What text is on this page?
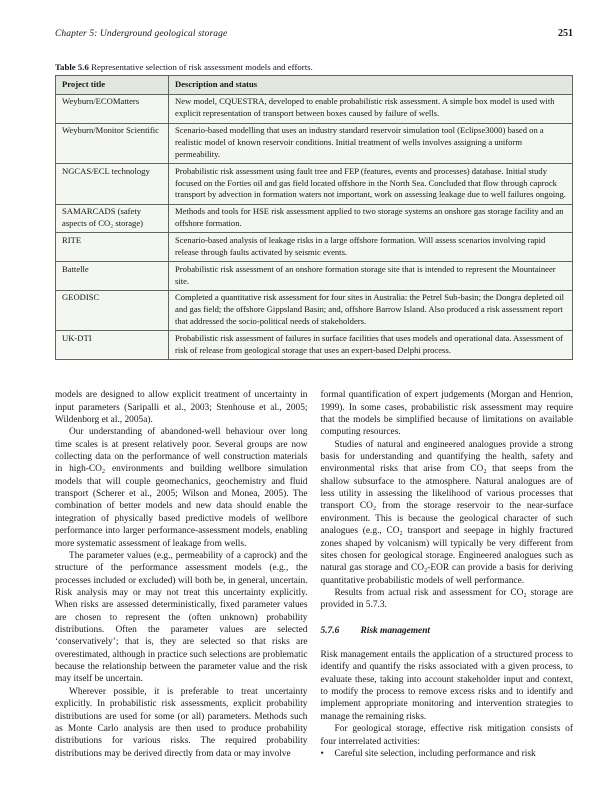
Chapter 5: Underground geological storage	251
Table 5.6 Representative selection of risk assessment models and efforts.
Project title	Description and status
Weyburn/ECOMatters	New model, CQUESTRA, developed to enable probabilistic risk assessment. A simple box model is used with explicit representation of transport between boxes caused by failure of wells.
Weyburn/Monitor Scientific	Scenario-based modelling that uses an industry standard reservoir simulation tool (Eclipse3000) based on a realistic model of known reservoir conditions. Initial treatment of wells involves assigning a uniform permeability.
NGCAS/ECL technology	Probabilistic risk assessment using fault tree and FEP (features, events and processes) database. Initial study focused on the Forties oil and gas field located offshore in the North Sea. Concluded that flow through caprock transport by advection in formation waters not important, work on assessing leakage due to well failures ongoing.
SAMARCADS (safety aspects of CO₂ storage)	Methods and tools for HSE risk assessment applied to two storage systems an onshore gas storage facility and an offshore formation.
RITE	Scenario-based analysis of leakage risks in a large offshore formation. Will assess scenarios involving rapid release through faults activated by seismic events.
Battelle	Probabilistic risk assessment of an onshore formation storage site that is intended to represent the Mountaineer site.
GEODISC	Completed a quantitative risk assessment for four sites in Australia: the Petrel Sub-basin; the Dongra depleted oil and gas field; the offshore Gippsland Basin; and, offshore Barrow Island. Also produced a risk assessment report that addressed the socio-political needs of stakeholders.
UK-DTI	Probabilistic risk assessment of failures in surface facilities that uses models and operational data. Assessment of risk of release from geological storage that uses an expert-based Delphi process.

models are designed to allow explicit treatment of uncertainty in input parameters (Saripalli et al., 2003; Stenhouse et al., 2005; Wildenborg et al., 2005a).

Our understanding of abandoned-well behaviour over long time scales is at present relatively poor. Several groups are now collecting data on the performance of well construction materials in high-CO₂ environments and building wellbore simulation models that will couple geomechanics, geochemistry and fluid transport (Scherer et al., 2005; Wilson and Monea, 2005). The combination of better models and new data should enable the integration of physically based predictive models of wellbore performance into larger performance-assessment models, enabling more systematic assessment of leakage from wells.

The parameter values (e.g., permeability of a caprock) and the structure of the performance assessment models (e.g., the processes included or excluded) will both be, in general, uncertain. Risk analysis may or may not treat this uncertainty explicitly. When risks are assessed deterministically, fixed parameter values are chosen to represent the (often unknown) probability distributions. Often the parameter values are selected ‘conservatively’; that is, they are selected so that risks are overestimated, although in practice such selections are problematic because the relationship between the parameter value and the risk may itself be uncertain.

Wherever possible, it is preferable to treat uncertainty explicitly. In probabilistic risk assessments, explicit probability distributions are used for some (or all) parameters. Methods such as Monte Carlo analysis are then used to produce probability distributions for various risks. The required probability distributions may be derived directly from data or may involve

formal quantification of expert judgements (Morgan and Henrion, 1999). In some cases, probabilistic risk assessment may require that the models be simplified because of limitations on available computing resources.

Studies of natural and engineered analogues provide a strong basis for understanding and quantifying the health, safety and environmental risks that arise from CO₂ that seeps from the shallow subsurface to the atmosphere. Natural analogues are of less utility in assessing the likelihood of various processes that transport CO₂ from the storage reservoir to the near-surface environment. This is because the geological character of such analogues (e.g., CO₂ transport and seepage in highly fractured zones shaped by volcanism) will typically be very different from sites chosen for geological storage. Engineered analogues such as natural gas storage and CO₂-EOR can provide a basis for deriving quantitative probabilistic models of well performance.

Results from actual risk and assessment for CO₂ storage are provided in 5.7.3.

5.7.6	Risk management

Risk management entails the application of a structured process to identify and quantify the risks associated with a given process, to evaluate these, taking into account stakeholder input and context, to modify the process to remove excess risks and to identify and implement appropriate monitoring and intervention strategies to manage the remaining risks.

For geological storage, effective risk mitigation consists of four interrelated activities:

•	Careful site selection, including performance and risk
